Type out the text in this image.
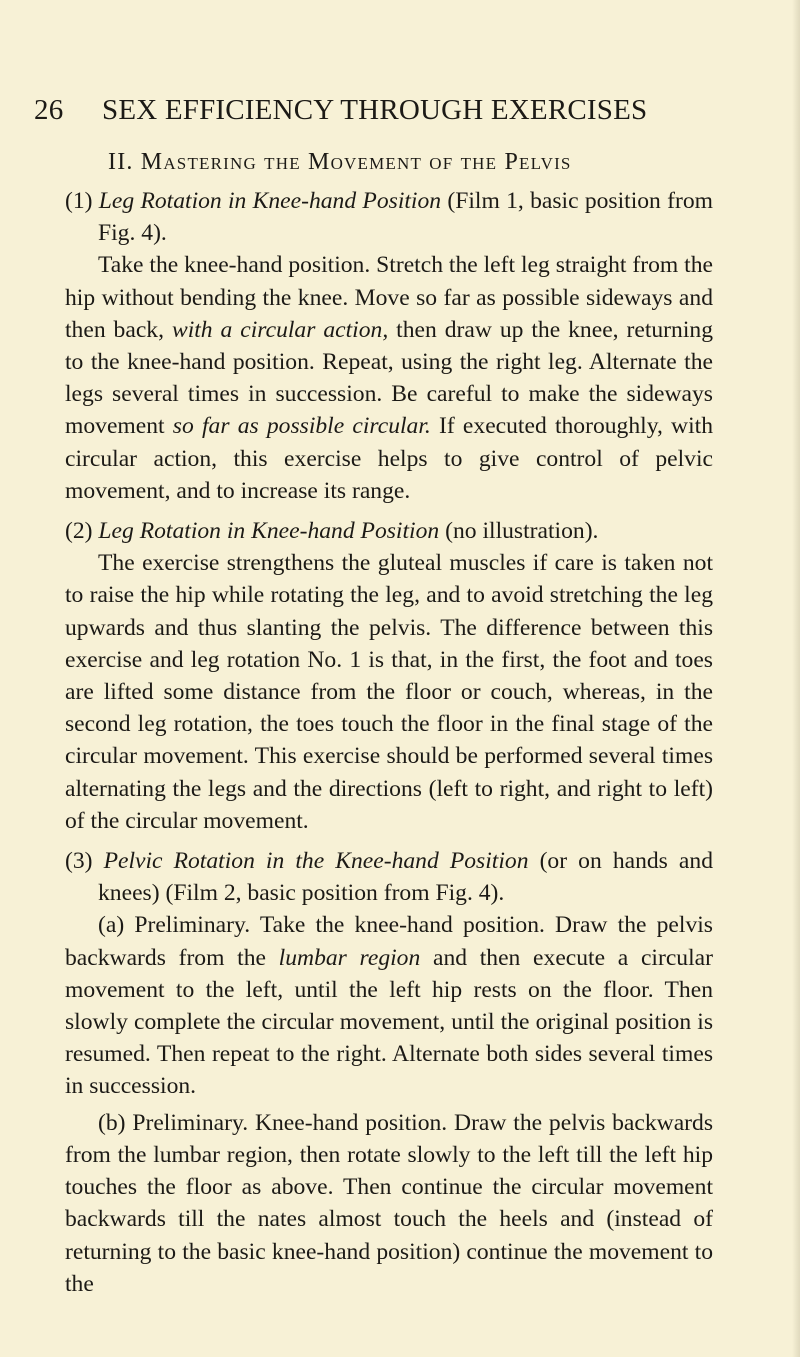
26 SEX EFFICIENCY THROUGH EXERCISES
II. Mastering the Movement of the Pelvis

(1) Leg Rotation in Knee-hand Position (Film 1, basic position from Fig. 4).

Take the knee-hand position. Stretch the left leg straight from the hip without bending the knee. Move so far as possible sideways and then back, with a circular action, then draw up the knee, returning to the knee-hand position. Repeat, using the right leg. Alternate the legs several times in succession. Be careful to make the sideways movement so far as possible circular. If executed thoroughly, with circular action, this exercise helps to give control of pelvic movement, and to increase its range.

(2) Leg Rotation in Knee-hand Position (no illustration).

The exercise strengthens the gluteal muscles if care is taken not to raise the hip while rotating the leg, and to avoid stretching the leg upwards and thus slanting the pelvis. The difference between this exercise and leg rotation No. 1 is that, in the first, the foot and toes are lifted some distance from the floor or couch, whereas, in the second leg rotation, the toes touch the floor in the final stage of the circular movement. This exercise should be performed several times alternating the legs and the directions (left to right, and right to left) of the circular movement.

(3) Pelvic Rotation in the Knee-hand Position (or on hands and knees) (Film 2, basic position from Fig. 4).

(a) Preliminary. Take the knee-hand position. Draw the pelvis backwards from the lumbar region and then execute a circular movement to the left, until the left hip rests on the floor. Then slowly complete the circular movement, until the original position is resumed. Then repeat to the right. Alternate both sides several times in succession.

(b) Preliminary. Knee-hand position. Draw the pelvis backwards from the lumbar region, then rotate slowly to the left till the left hip touches the floor as above. Then continue the circular movement backwards till the nates almost touch the heels and (instead of returning to the basic knee-hand position) continue the movement to the
